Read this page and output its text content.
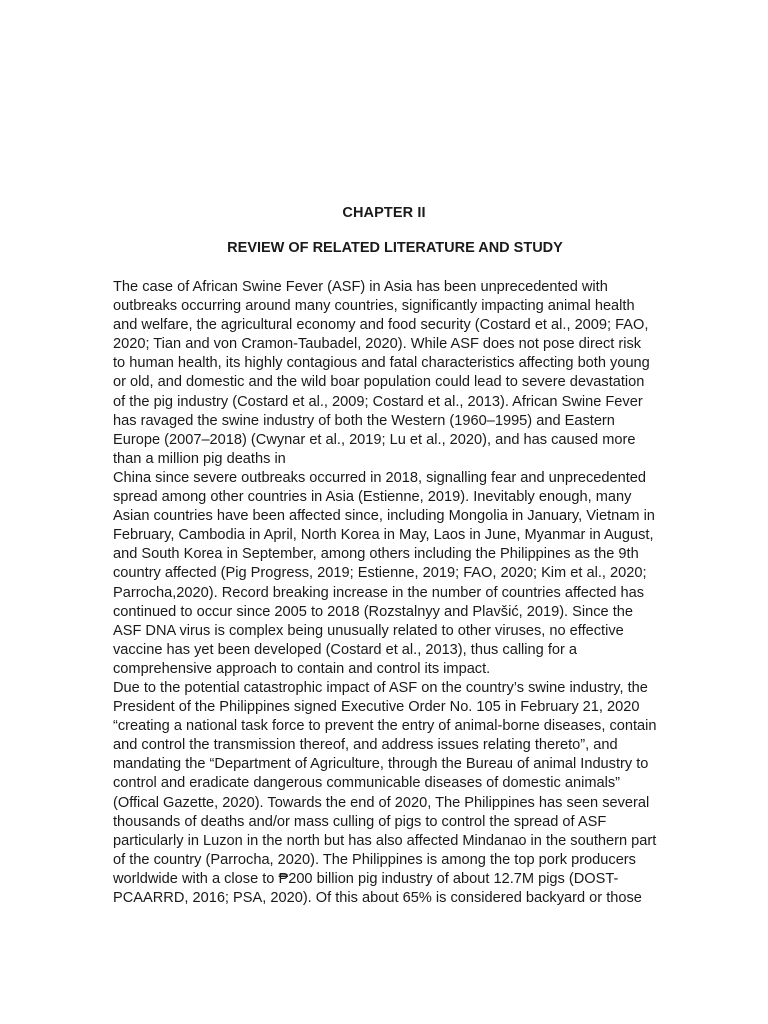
CHAPTER II
REVIEW OF RELATED LITERATURE AND STUDY
The case of African Swine Fever (ASF) in Asia has been unprecedented with
outbreaks occurring around many countries, significantly impacting animal health
and welfare, the agricultural economy and food security (Costard et al., 2009; FAO,
2020; Tian and von Cramon-Taubadel, 2020). While ASF does not pose direct risk
to human health, its highly contagious and fatal characteristics affecting both young
or old, and domestic and the wild boar population could lead to severe devastation
of the pig industry (Costard et al., 2009; Costard et al., 2013). African Swine Fever
has ravaged the swine industry of both the Western (1960–1995) and Eastern
Europe (2007–2018) (Cwynar et al., 2019; Lu et al., 2020), and has caused more
than a million pig deaths in
China since severe outbreaks occurred in 2018, signalling fear and unprecedented
spread among other countries in Asia (Estienne, 2019). Inevitably enough, many
Asian countries have been affected since, including Mongolia in January, Vietnam in
February, Cambodia in April, North Korea in May, Laos in June, Myanmar in August,
and South Korea in September, among others including the Philippines as the 9th
country affected (Pig Progress, 2019; Estienne, 2019; FAO, 2020; Kim et al., 2020;
Parrocha,2020). Record breaking increase in the number of countries affected has
continued to occur since 2005 to 2018 (Rozstalnyy and Plavšić, 2019). Since the
ASF DNA virus is complex being unusually related to other viruses, no effective
vaccine has yet been developed (Costard et al., 2013), thus calling for a
comprehensive approach to contain and control its impact.
Due to the potential catastrophic impact of ASF on the country’s swine industry, the
President of the Philippines signed Executive Order No. 105 in February 21, 2020
“creating a national task force to prevent the entry of animal-borne diseases, contain
and control the transmission thereof, and address issues relating thereto”, and
mandating the “Department of Agriculture, through the Bureau of animal Industry to
control and eradicate dangerous communicable diseases of domestic animals”
(Offical Gazette, 2020). Towards the end of 2020, The Philippines has seen several
thousands of deaths and/or mass culling of pigs to control the spread of ASF
particularly in Luzon in the north but has also affected Mindanao in the southern part
of the country (Parrocha, 2020). The Philippines is among the top pork producers
worldwide with a close to ₱200 billion pig industry of about 12.7M pigs (DOST-
PCAARRD, 2016; PSA, 2020). Of this about 65% is considered backyard or those
